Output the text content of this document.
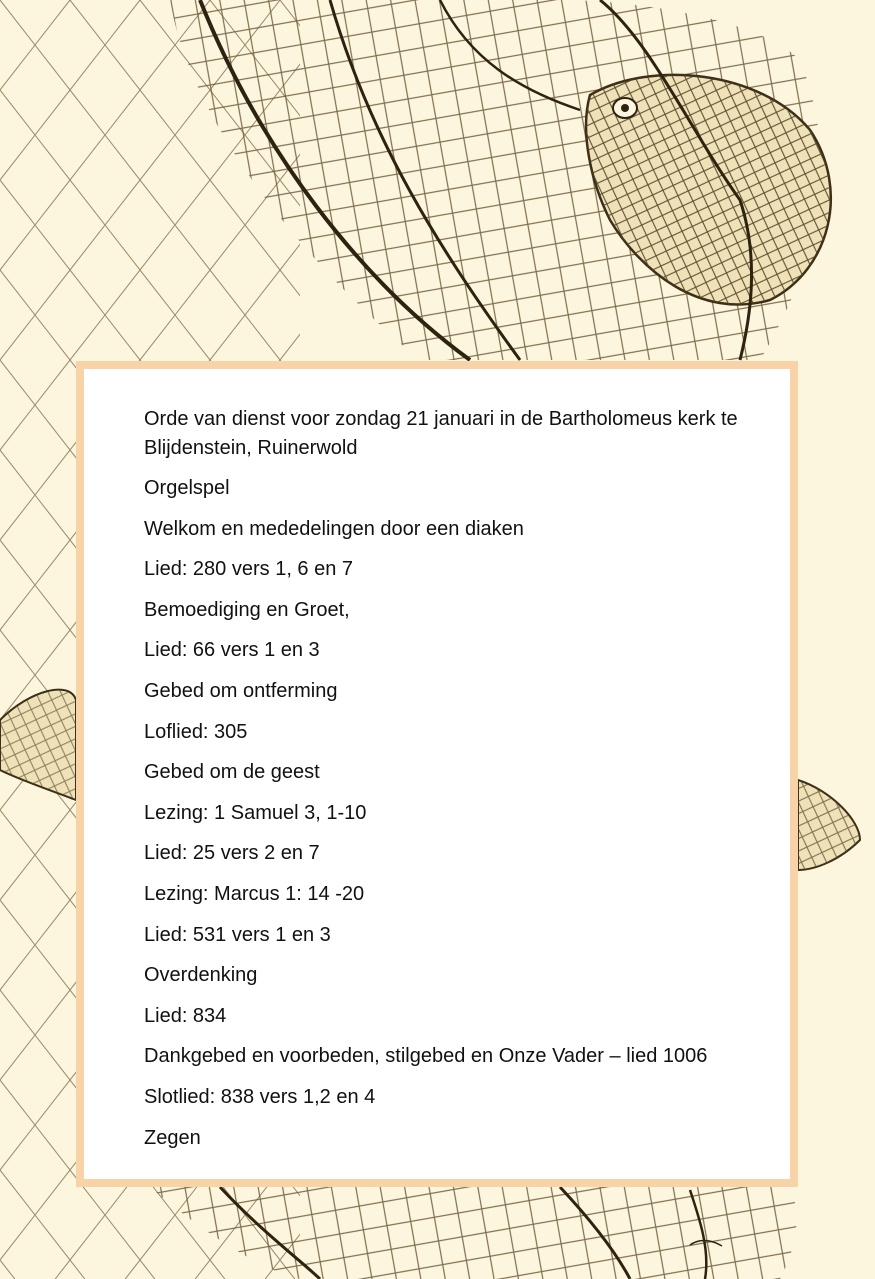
Orde van dienst voor zondag 21 januari in de Bartholomeus kerk te Blijdenstein, Ruinerwold

Orgelspel

Welkom en mededelingen door een diaken

Lied: 280 vers 1, 6 en 7

Bemoediging en Groet,

Lied: 66 vers 1 en 3

Gebed om ontferming

Loflied: 305

Gebed om de geest

Lezing: 1 Samuel 3, 1-10

Lied: 25 vers 2 en 7

Lezing: Marcus 1: 14 -20

Lied: 531 vers 1 en 3

Overdenking

Lied: 834

Dankgebed en voorbeden, stilgebed en Onze Vader – lied 1006

Slotlied: 838 vers 1,2 en 4

Zegen
